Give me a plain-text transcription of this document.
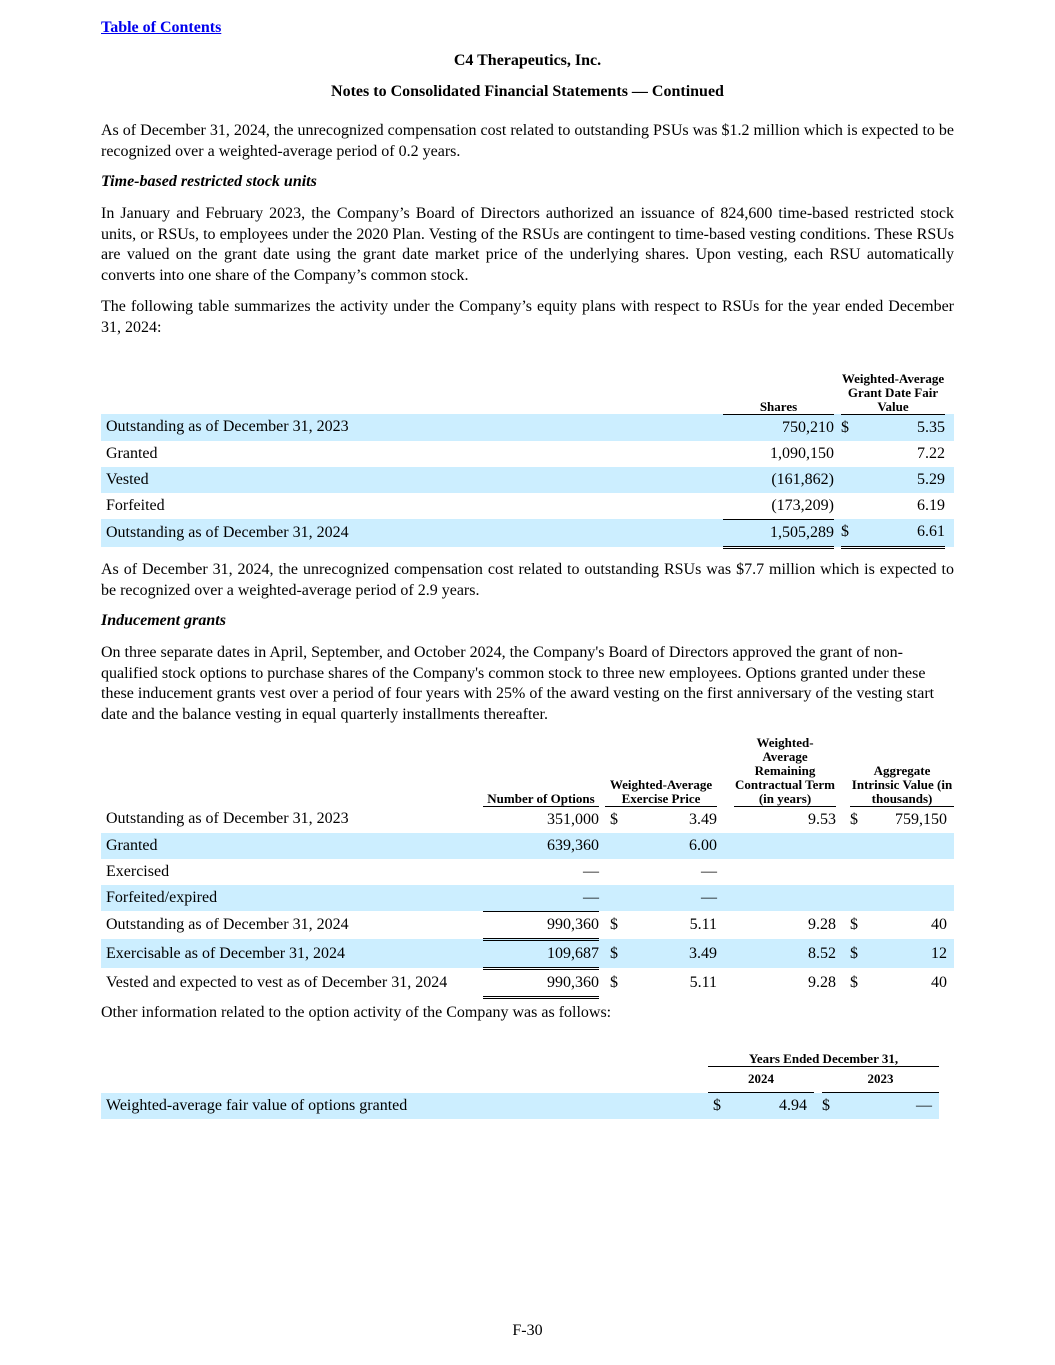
Table of Contents
C4 Therapeutics, Inc.
Notes to Consolidated Financial Statements — Continued

As of December 31, 2024, the unrecognized compensation cost related to outstanding PSUs was $1.2 million which is expected to be recognized over a weighted-average period of 0.2 years.

Time-based restricted stock units

In January and February 2023, the Company’s Board of Directors authorized an issuance of 824,600 time-based restricted stock units, or RSUs, to employees under the 2020 Plan. Vesting of the RSUs are contingent to time-based vesting conditions. These RSUs are valued on the grant date using the grant date market price of the underlying shares. Upon vesting, each RSU automatically converts into one share of the Company’s common stock.

The following table summarizes the activity under the Company’s equity plans with respect to RSUs for the year ended December 31, 2024:

	Shares		Weighted-Average Grant Date Fair Value		
Outstanding as of December 31, 2023	750,210		$	5.35	
Granted	1,090,150			7.22	
Vested	(161,862)			5.29	
Forfeited	(173,209)			6.19	
Outstanding as of December 31, 2024	1,505,289		$	6.61	

As of December 31, 2024, the unrecognized compensation cost related to outstanding RSUs was $7.7 million which is expected to be recognized over a weighted-average period of 2.9 years.

Inducement grants

On three separate dates in April, September, and October 2024, the Company's Board of Directors approved the grant of non-qualified stock options to purchase shares of the Company's common stock to three new employees. Options granted under these these inducement grants vest over a period of four years with 25% of the award vesting on the first anniversary of the vesting start date and the balance vesting in equal quarterly installments thereafter.

	Number of Options		Weighted-Average Exercise Price			Weighted-Average Remaining Contractual Term (in years)		Aggregate Intrinsic Value (in thousands)	
Outstanding as of December 31, 2023	351,000		$	3.49		9.53		$	759,150
Granted	639,360			6.00					
Exercised	—			—					
Forfeited/expired	—			—					
Outstanding as of December 31, 2024	990,360		$	5.11		9.28		$	40
Exercisable as of December 31, 2024	109,687		$	3.49		8.52		$	12
Vested and expected to vest as of December 31, 2024	990,360		$	5.11		9.28		$	40

Other information related to the option activity of the Company was as follows:

	Years Ended December 31,				
	2024			2023	
Weighted-average fair value of options granted	$	4.94		$	—
F-30
